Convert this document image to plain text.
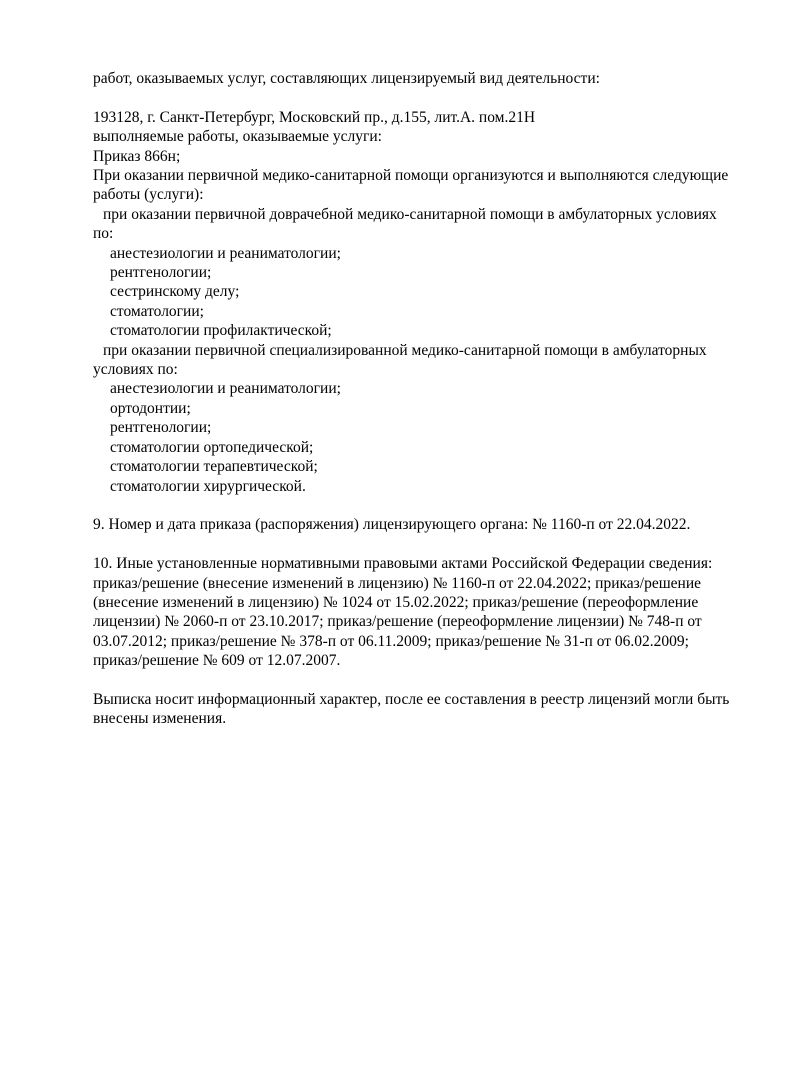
работ, оказываемых услуг, составляющих лицензируемый вид деятельности:

193128, г. Санкт-Петербург, Московский пр., д.155, лит.А. пом.21Н

выполняемые работы, оказываемые услуги:

Приказ 866н;

При оказании первичной медико-санитарной помощи организуются и выполняются следующие

работы (услуги):

при оказании первичной доврачебной медико-санитарной помощи в амбулаторных условиях

по:

анестезиологии и реаниматологии;

рентгенологии;

сестринскому делу;

стоматологии;

стоматологии профилактической;

при оказании первичной специализированной медико-санитарной помощи в амбулаторных

условиях по:

анестезиологии и реаниматологии;

ортодонтии;

рентгенологии;

стоматологии ортопедической;

стоматологии терапевтической;

стоматологии хирургической.

9. Номер и дата приказа (распоряжения) лицензирующего органа: № 1160-п от 22.04.2022.

10. Иные установленные нормативными правовыми актами Российской Федерации сведения:

приказ/решение (внесение изменений в лицензию) № 1160-п от 22.04.2022; приказ/решение

(внесение изменений в лицензию) № 1024 от 15.02.2022; приказ/решение (переоформление

лицензии) № 2060-п от 23.10.2017; приказ/решение (переоформление лицензии) № 748-п от

03.07.2012; приказ/решение № 378-п от 06.11.2009; приказ/решение № 31-п от 06.02.2009;

приказ/решение № 609 от 12.07.2007.

Выписка носит информационный характер, после ее составления в реестр лицензий могли быть

внесены изменения.
